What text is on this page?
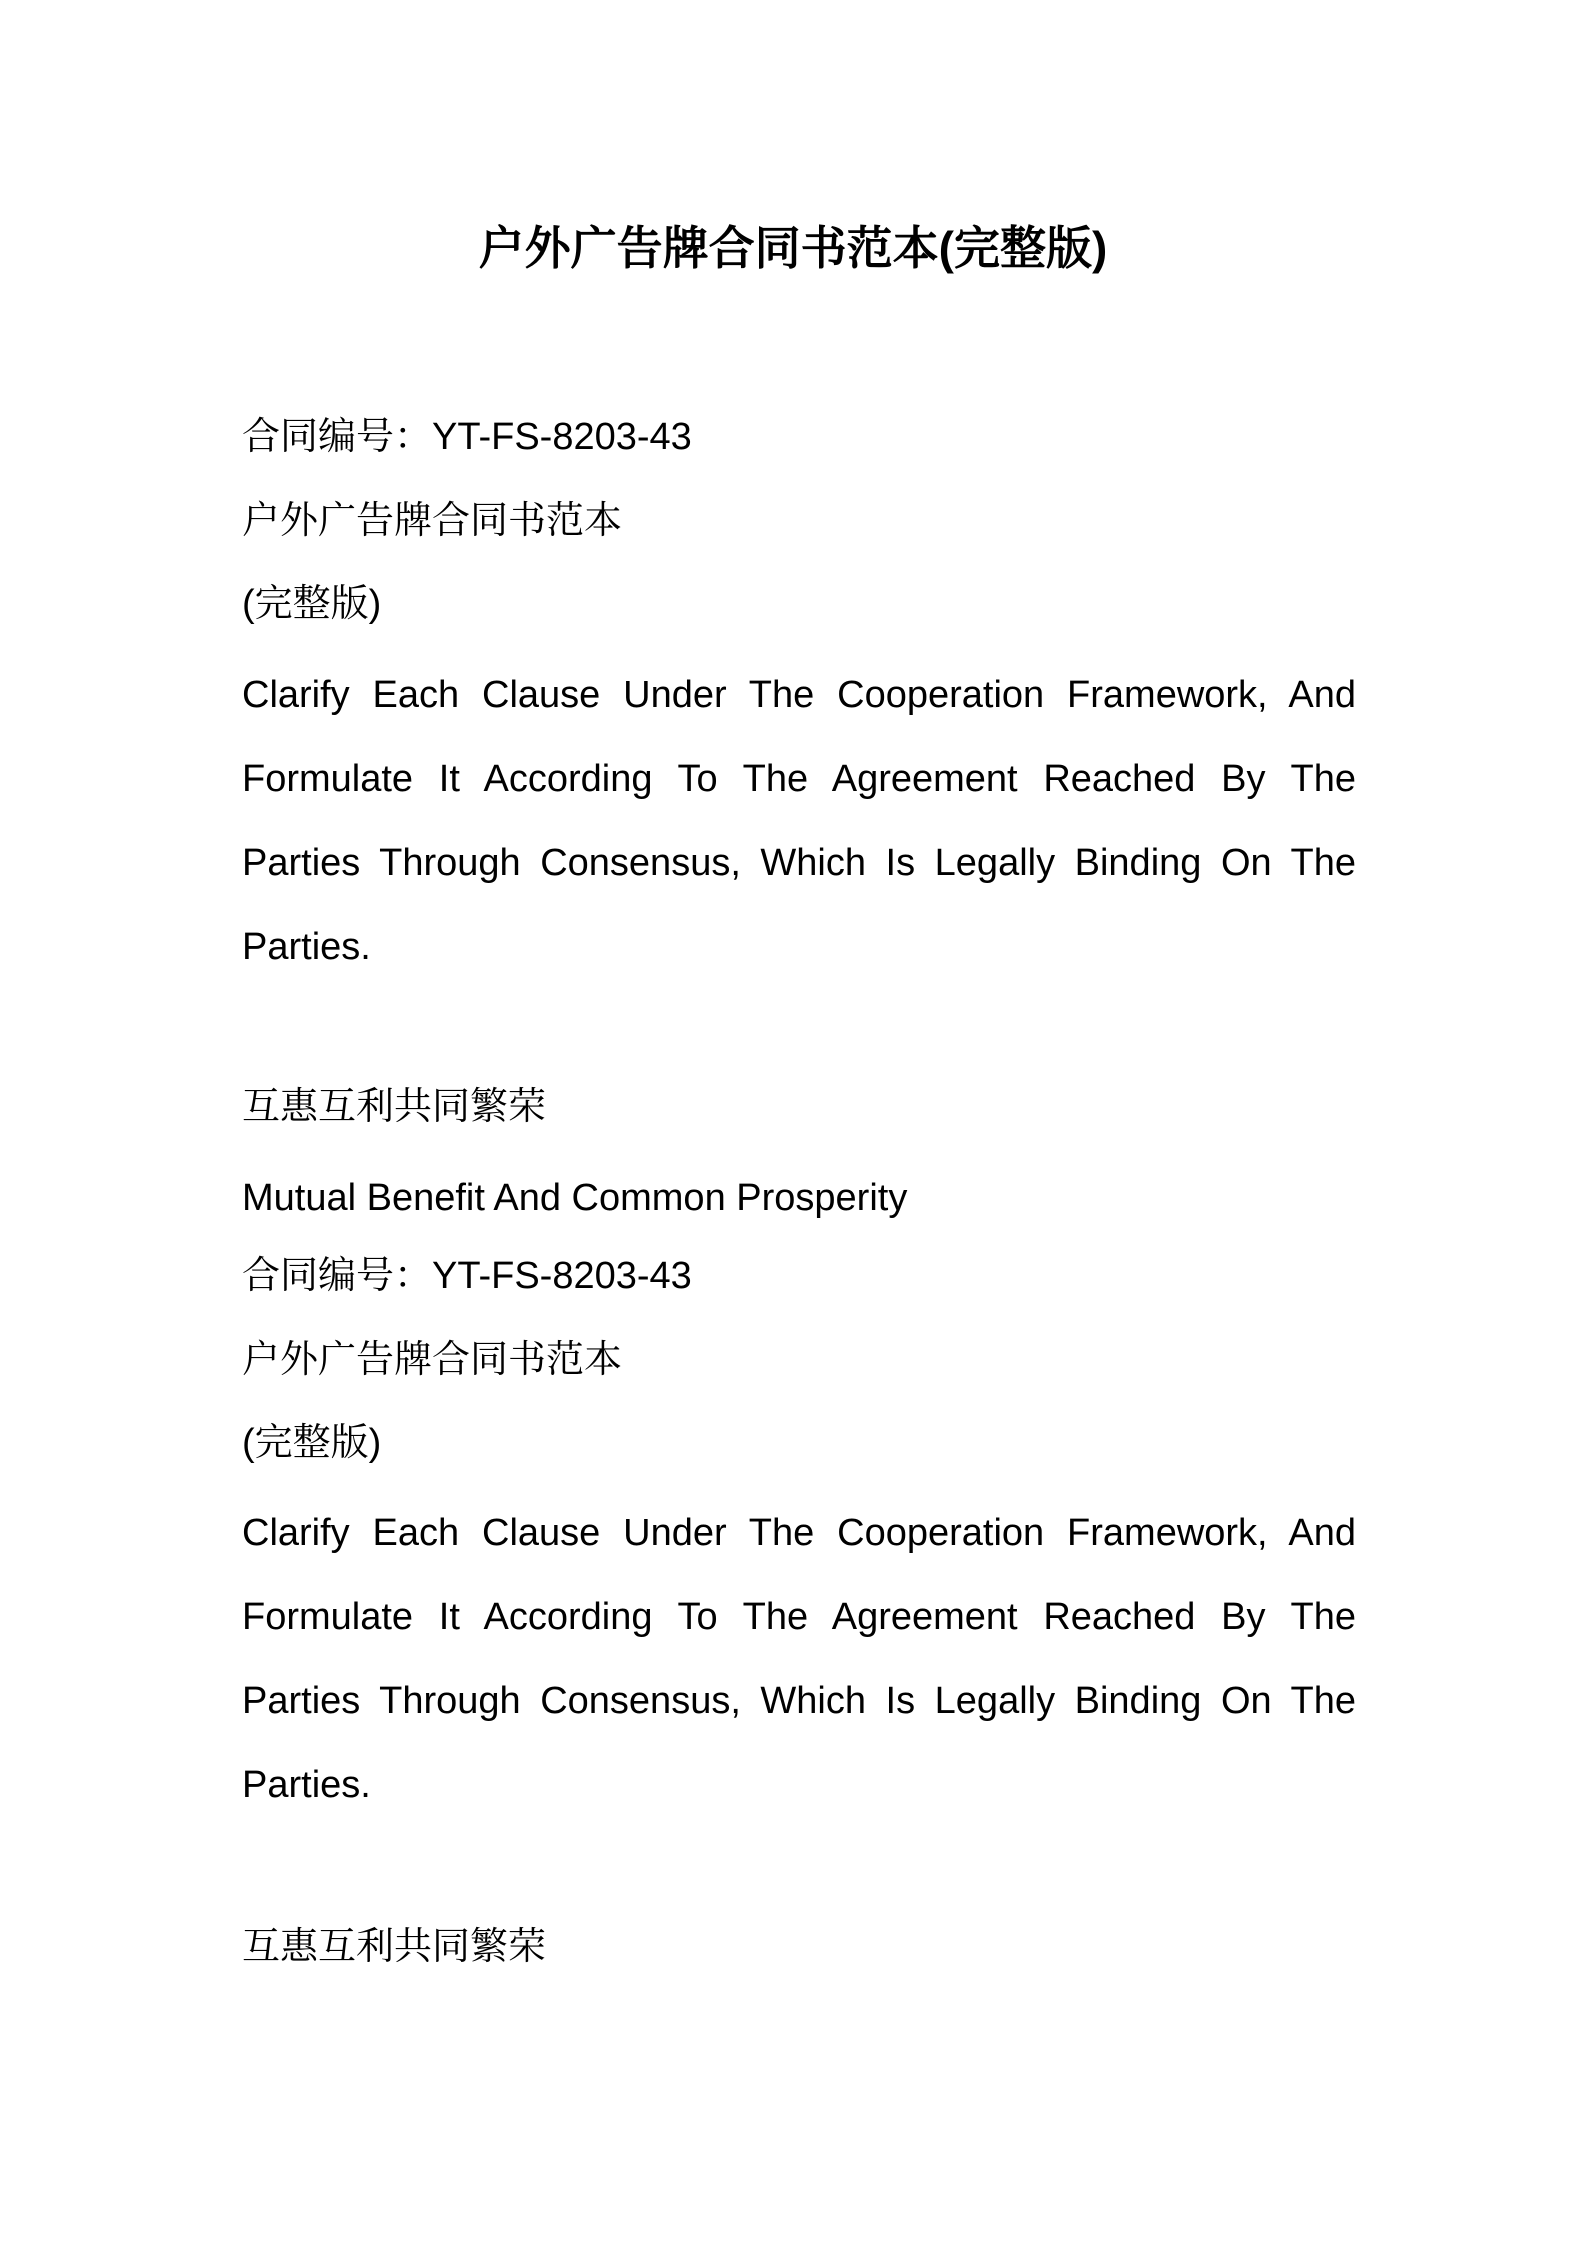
户外广告牌合同书范本(完整版)
合同编号：YT-FS-8203-43
户外广告牌合同书范本
(完整版)
Clarify Each Clause Under The Cooperation Framework, And
Formulate It According To The Agreement Reached By The
Parties Through Consensus, Which Is Legally Binding On The
Parties.
互惠互利共同繁荣
Mutual Benefit And Common Prosperity
合同编号：YT-FS-8203-43
户外广告牌合同书范本
(完整版)
Clarify Each Clause Under The Cooperation Framework, And
Formulate It According To The Agreement Reached By The
Parties Through Consensus, Which Is Legally Binding On The
Parties.
互惠互利共同繁荣
